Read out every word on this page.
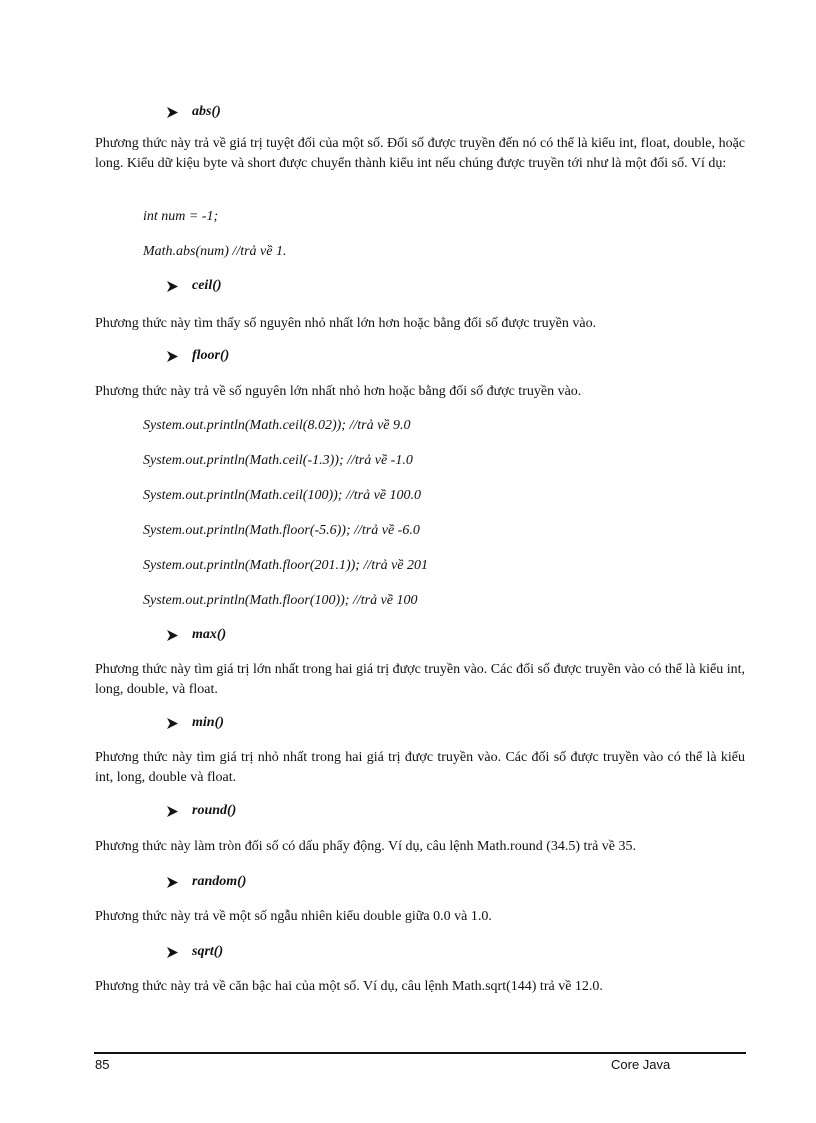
abs()
Phương thức này trả về giá trị tuyệt đối của một số. Đối số được truyền đến nó có thể là kiểu int, float, double, hoặc long. Kiểu dữ kiệu byte và short được chuyển thành kiểu int nếu chúng được truyền tới như là một đối số. Ví dụ:
int num = -1;
Math.abs(num) //trả về 1.
ceil()
Phương thức này tìm thấy số nguyên nhỏ nhất lớn hơn hoặc bằng đối số được truyền vào.
floor()
Phương thức này trả về số nguyên lớn nhất nhỏ hơn hoặc bằng đối số được truyền vào.
System.out.println(Math.ceil(8.02)); //trả về 9.0
System.out.println(Math.ceil(-1.3)); //trả về -1.0
System.out.println(Math.ceil(100)); //trả về 100.0
System.out.println(Math.floor(-5.6)); //trả về -6.0
System.out.println(Math.floor(201.1)); //trả về 201
System.out.println(Math.floor(100)); //trả về 100
max()
Phương thức này tìm giá trị lớn nhất trong hai giá trị được truyền vào. Các đối số được truyền vào có thể là kiểu int, long, double, và float.
min()
Phương thức này tìm giá trị nhỏ nhất trong hai giá trị được truyền vào. Các đối số được truyền vào có thể là kiểu int, long, double và float.
round()
Phương thức này làm tròn đối số có dấu phẩy động. Ví dụ, câu lệnh Math.round (34.5) trả về 35.
random()
Phương thức này trả về một số ngẫu nhiên kiểu double giữa 0.0 và 1.0.
sqrt()
Phương thức này trả về căn bậc hai của một số. Ví dụ, câu lệnh Math.sqrt(144) trả về 12.0.
85	Core Java
